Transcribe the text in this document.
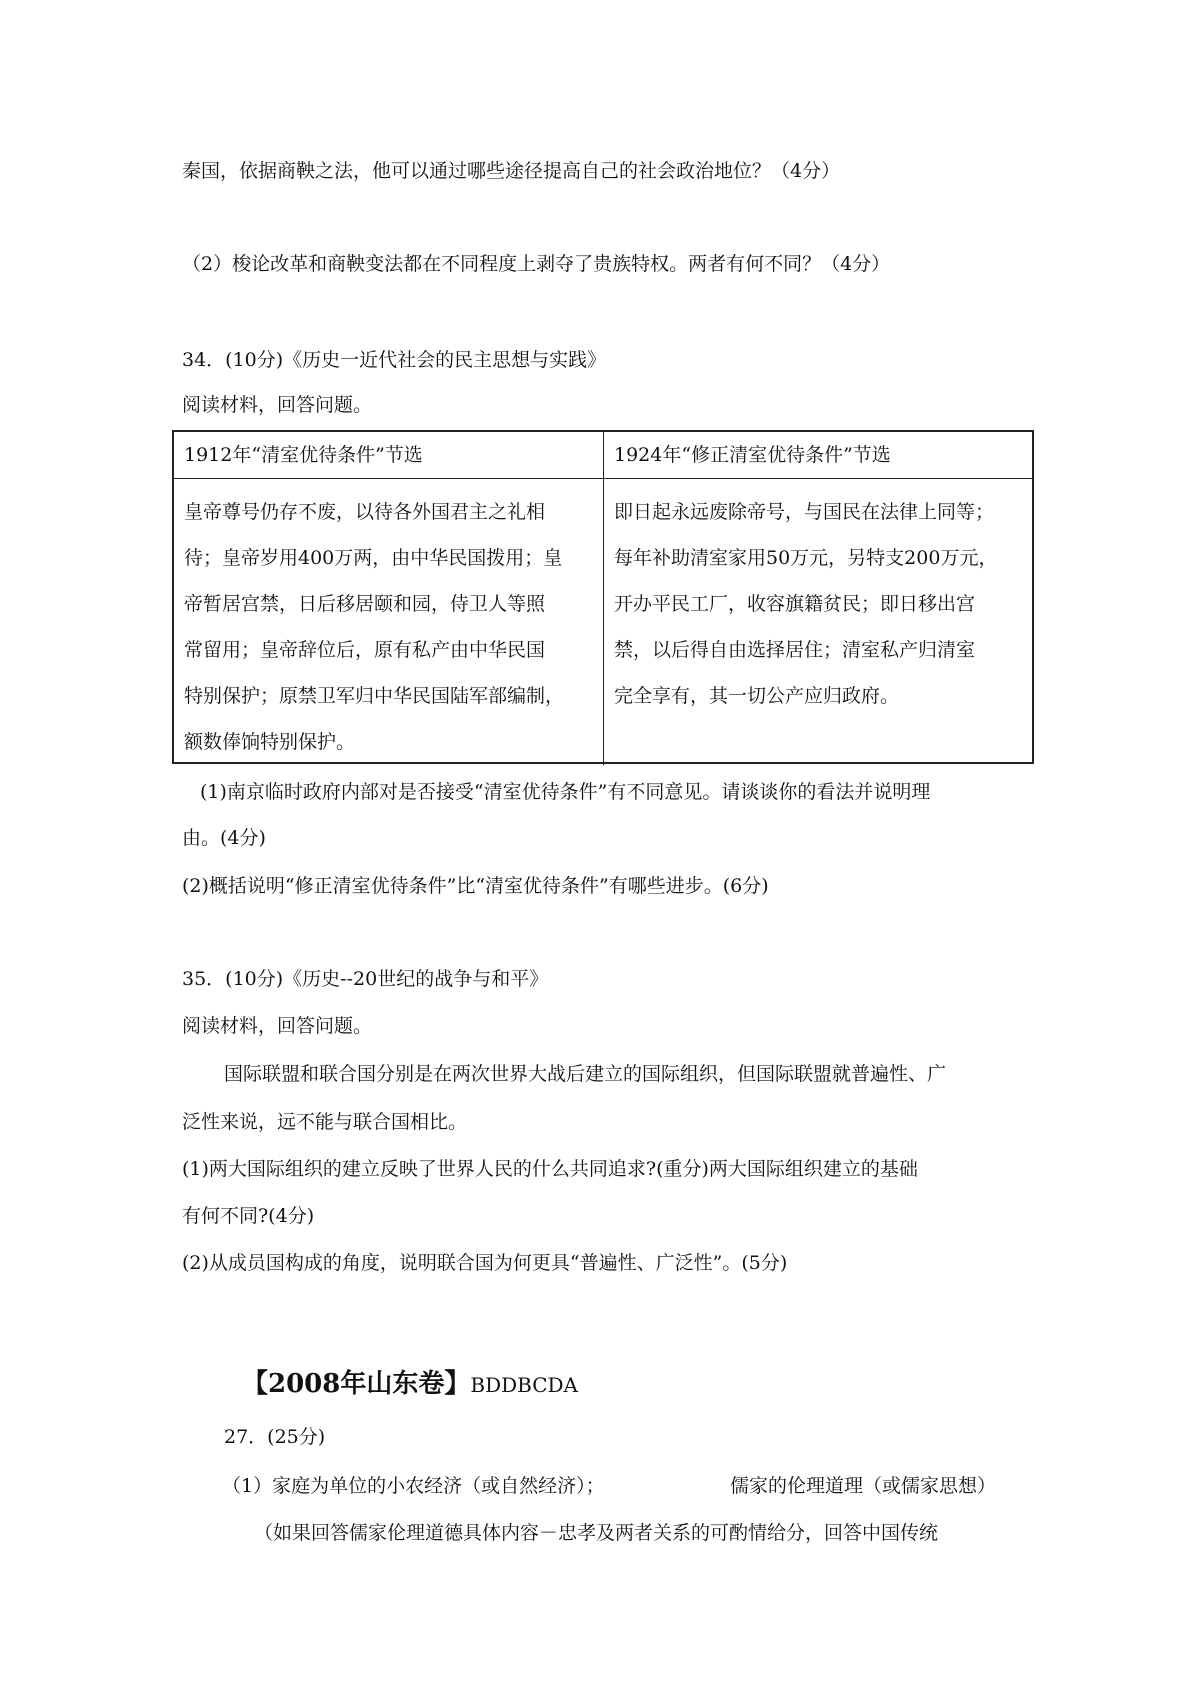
秦国，依据商鞅之法，他可以通过哪些途径提高自己的社会政治地位？（4分）
（2）梭论改革和商鞅变法都在不同程度上剥夺了贵族特权。两者有何不同？（4分）
34．(10分)《历史一近代社会的民主思想与实践》
阅读材料，回答问题。
1912年“清室优待条件”节选	1924年“修正清室优待条件”节选
皇帝尊号仍存不废，以待各外国君主之礼相
待；皇帝岁用400万两，由中华民国拨用；皇
帝暂居宫禁，日后移居颐和园，侍卫人等照
常留用；皇帝辞位后，原有私产由中华民国
特别保护；原禁卫军归中华民国陆军部编制，
额数俸饷特别保护。
即日起永远废除帝号，与国民在法律上同等；
每年补助清室家用50万元，另特支200万元，
开办平民工厂，收容旗籍贫民；即日移出宫
禁，以后得自由选择居住；清室私产归清室
完全享有，其一切公产应归政府。
(1)南京临时政府内部对是否接受“清室优待条件”有不同意见。请谈谈你的看法并说明理
由。(4分)
(2)概括说明“修正清室优待条件”比“清室优待条件”有哪些进步。(6分)
35．(10分)《历史--20世纪的战争与和平》
阅读材料，回答问题。
国际联盟和联合国分别是在两次世界大战后建立的国际组织，但国际联盟就普遍性、广
泛性来说，远不能与联合国相比。
(1)两大国际组织的建立反映了世界人民的什么共同追求?(重分)两大国际组织建立的基础
有何不同?(4分)
(2)从成员国构成的角度，说明联合国为何更具“普遍性、广泛性”。(5分)
【2008年山东卷】BDDBCDA
27．(25分)
（1）家庭为单位的小农经济（或自然经济）；	儒家的伦理道理（或儒家思想）
（如果回答儒家伦理道德具体内容－忠孝及两者关系的可酌情给分，回答中国传统
